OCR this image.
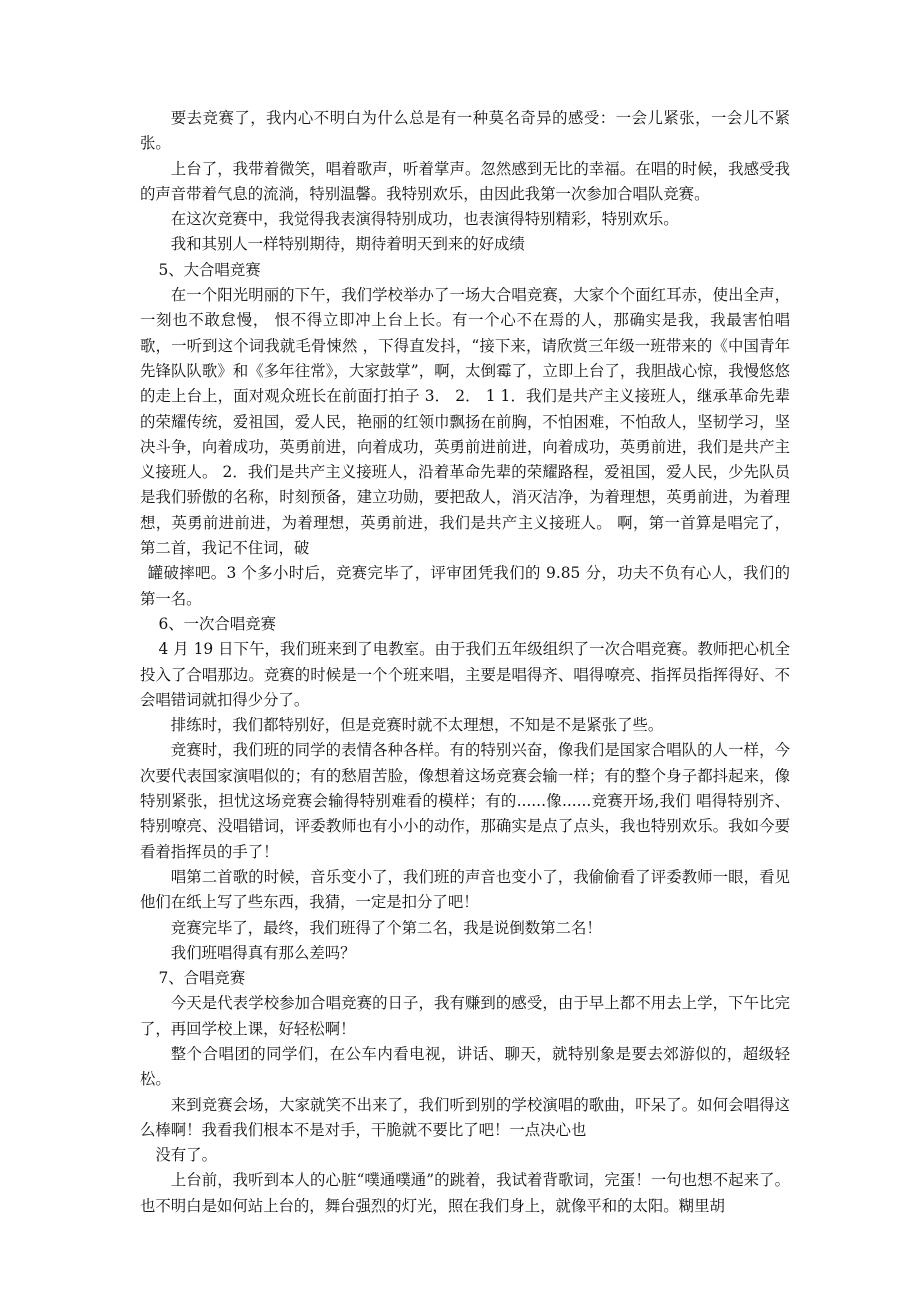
要去竞赛了，我内心不明白为什么总是有一种莫名奇异的感受：一会儿紧张，一会儿不紧张。

上台了，我带着微笑，唱着歌声，听着掌声。忽然感到无比的幸福。在唱的时候，我感受我的声音带着气息的流淌，特别温馨。我特别欢乐，由因此我第一次参加合唱队竞赛。

在这次竞赛中，我觉得我表演得特别成功，也表演得特别精彩，特别欢乐。

我和其别人一样特别期待，期待着明天到来的好成绩

5、大合唱竞赛

在一个阳光明丽的下午，我们学校举办了一场大合唱竞赛，大家个个面红耳赤，使出全声，一刻也不敢怠慢， 恨不得立即冲上台上长。有一个心不在焉的人，那确实是我，我最害怕唱歌，一听到这个词我就毛骨悚然 ，下得直发抖，“接下来，请欣赏三年级一班带来的《中国青年先锋队队歌》和《多年往常》，大家鼓掌”，啊，太倒霉了，立即上台了，我胆战心惊，我慢悠悠的走上台上，面对观众班长在前面打拍子 3． 2． 1 1．我们是共产主义接班人，继承革命先辈的荣耀传统，爱祖国，爱人民，艳丽的红领巾飘扬在前胸，不怕困难，不怕敌人，坚韧学习，坚决斗争，向着成功，英勇前进，向着成功，英勇前进前进，向着成功，英勇前进，我们是共产主义接班人。 2．我们是共产主义接班人，沿着革命先辈的荣耀路程，爱祖国，爱人民，少先队员是我们骄傲的名称，时刻预备，建立功勋，要把敌人，消灭洁净，为着理想，英勇前进，为着理想，英勇前进前进，为着理想，英勇前进，我们是共产主义接班人。 啊，第一首算是唱完了，第二首，我记不住词，破

罐破摔吧。3 个多小时后，竞赛完毕了，评审团凭我们的 9.85 分，功夫不负有心人，我们的第一名。

6、一次合唱竞赛

4 月 19 日下午，我们班来到了电教室。由于我们五年级组织了一次合唱竞赛。教师把心机全投入了合唱那边。竞赛的时候是一个个班来唱，主要是唱得齐、唱得嘹亮、指挥员指挥得好、不会唱错词就扣得少分了。

排练时，我们都特别好，但是竞赛时就不太理想，不知是不是紧张了些。

竞赛时，我们班的同学的表情各种各样。有的特别兴奋，像我们是国家合唱队的人一样，今次要代表国家演唱似的；有的愁眉苦脸，像想着这场竞赛会输一样；有的整个身子都抖起来，像特别紧张，担忧这场竞赛会输得特别难看的模样；有的......像......竞赛开场,我们 唱得特别齐、特别嘹亮、没唱错词，评委教师也有小小的动作，那确实是点了点头，我也特别欢乐。我如今要看着指挥员的手了！

唱第二首歌的时候，音乐变小了，我们班的声音也变小了，我偷偷看了评委教师一眼，看见他们在纸上写了些东西，我猜，一定是扣分了吧！

竞赛完毕了，最终，我们班得了个第二名，我是说倒数第二名！

我们班唱得真有那么差吗？

7、合唱竞赛

今天是代表学校参加合唱竞赛的日子，我有赚到的感受，由于早上都不用去上学，下午比完了，再回学校上课，好轻松啊！

整个合唱团的同学们，在公车内看电视，讲话、聊天，就特别象是要去郊游似的，超级轻松。

来到竞赛会场，大家就笑不出来了，我们听到别的学校演唱的歌曲，吓呆了。如何会唱得这么棒啊！我看我们根本不是对手，干脆就不要比了吧！一点决心也

没有了。

上台前，我听到本人的心脏“噗通噗通”的跳着，我试着背歌词，完蛋！一句也想不起来了。也不明白是如何站上台的，舞台强烈的灯光，照在我们身上，就像平和的太阳。糊里胡
